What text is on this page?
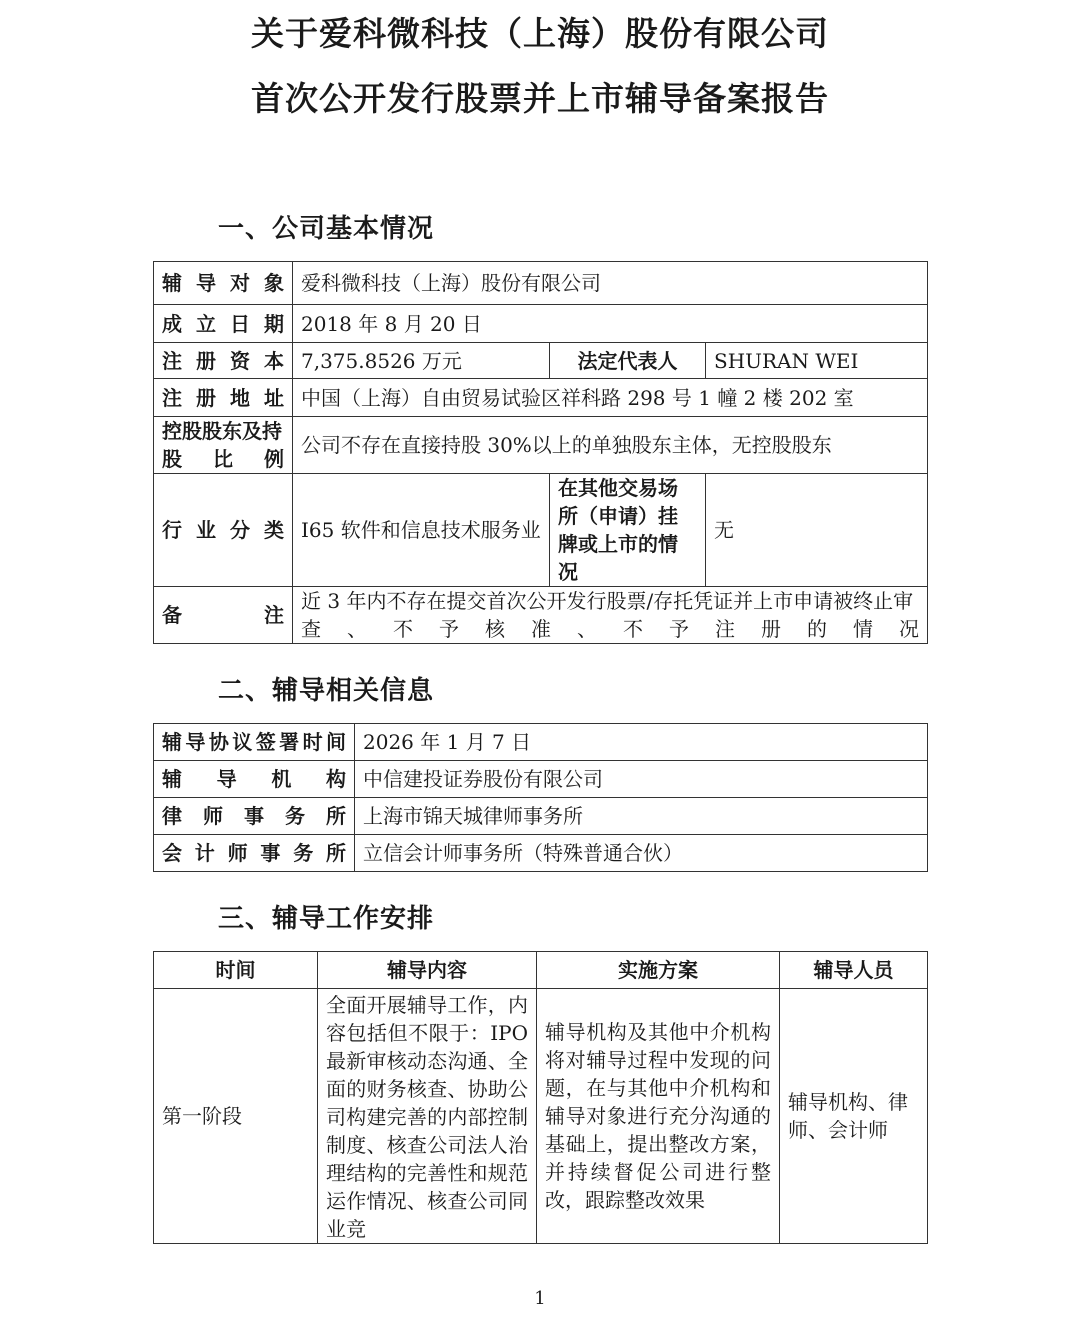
关于爱科微科技（上海）股份有限公司
首次公开发行股票并上市辅导备案报告
一、公司基本情况
辅导对象	爱科微科技（上海）股份有限公司		
成立日期	2018 年 8 月 20 日		
注册资本	7,375.8526 万元	法定代表人	SHURAN WEI
注册地址	中国（上海）自由贸易试验区祥科路 298 号 1 幢 2 楼 202 室		
控股股东及持股比例	公司不存在直接持股 30%以上的单独股东主体，无控股股东		
行业分类	I65 软件和信息技术服务业	在其他交易场所（申请）挂牌或上市的情况	无
备注	近 3 年内不存在提交首次公开发行股票/存托凭证并上市申请被终止审查、不予核准、不予注册的情况		
二、辅导相关信息
辅导协议签署时间	2026 年 1 月 7 日
辅导机构	中信建投证券股份有限公司
律师事务所	上海市锦天城律师事务所
会计师事务所	立信会计师事务所（特殊普通合伙）
三、辅导工作安排
时间	辅导内容	实施方案	辅导人员
第一阶段	全面开展辅导工作，内容包括但不限于：IPO 最新审核动态沟通、全面的财务核查、协助公司构建完善的内部控制制度、核查公司法人治理结构的完善性和规范运作情况、核查公司同业竞	辅导机构及其他中介机构将对辅导过程中发现的问题，在与其他中介机构和辅导对象进行充分沟通的基础上，提出整改方案，并持续督促公司进行整改，跟踪整改效果	辅导机构、律师、会计师
1
